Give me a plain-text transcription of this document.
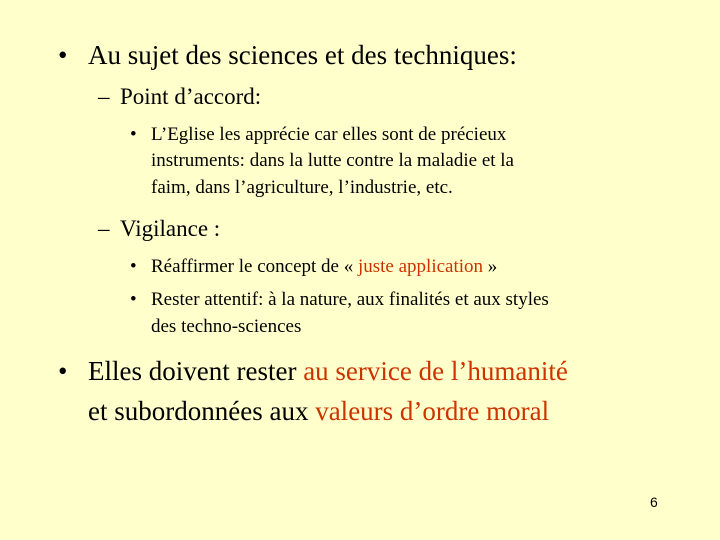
• Au sujet des sciences et des techniques:
– Point d’accord:
• L’Eglise les apprécie car elles sont de précieux
instruments: dans la lutte contre la maladie et la
faim, dans l’agriculture, l’industrie, etc.
– Vigilance :
• Réaffirmer le concept de « juste application »
• Rester attentif: à la nature, aux finalités et aux styles
des techno-sciences
• Elles doivent rester au service de l’humanité
et subordonnées aux valeurs d’ordre moral
6
